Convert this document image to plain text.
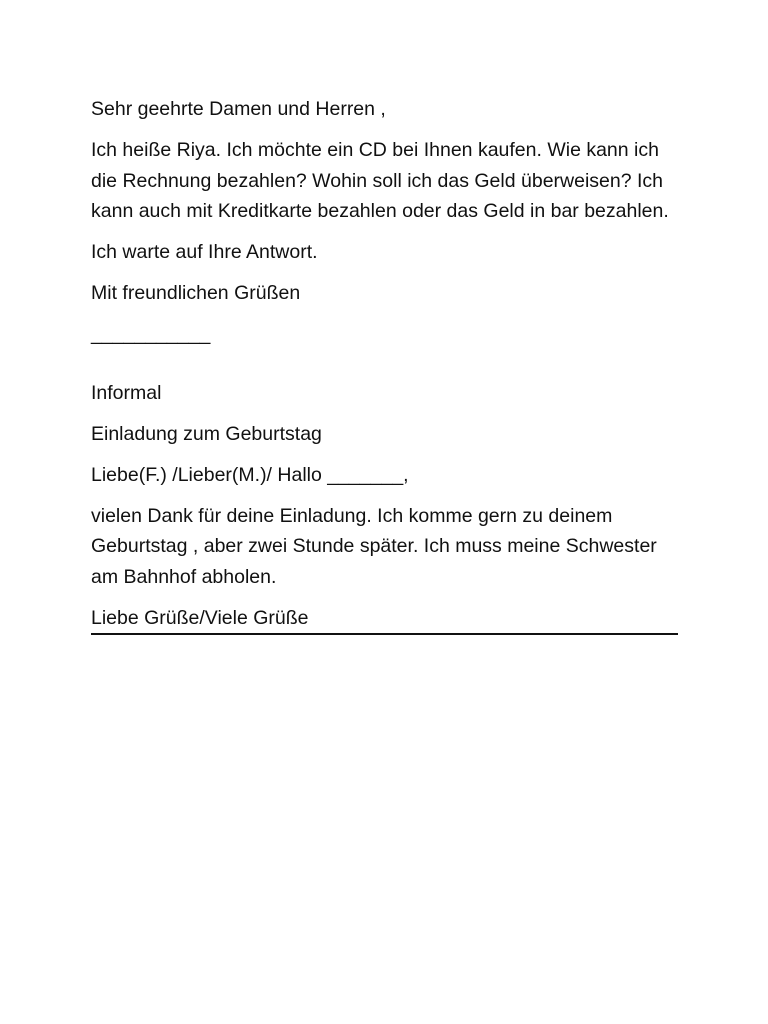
Sehr geehrte Damen und Herren ,

Ich heiße Riya. Ich möchte ein CD bei Ihnen kaufen. Wie kann ich die Rechnung bezahlen? Wohin soll ich das Geld überweisen? Ich kann auch mit Kreditkarte bezahlen oder das Geld in bar bezahlen.

Ich warte auf Ihre Antwort.

Mit freundlichen Grüßen

___________

Informal

Einladung zum Geburtstag

Liebe(F.) /Lieber(M.)/ Hallo _______,

vielen Dank für deine Einladung. Ich komme gern zu deinem Geburtstag , aber zwei Stunde später. Ich muss meine Schwester am Bahnhof abholen.

Liebe Grüße/Viele Grüße
